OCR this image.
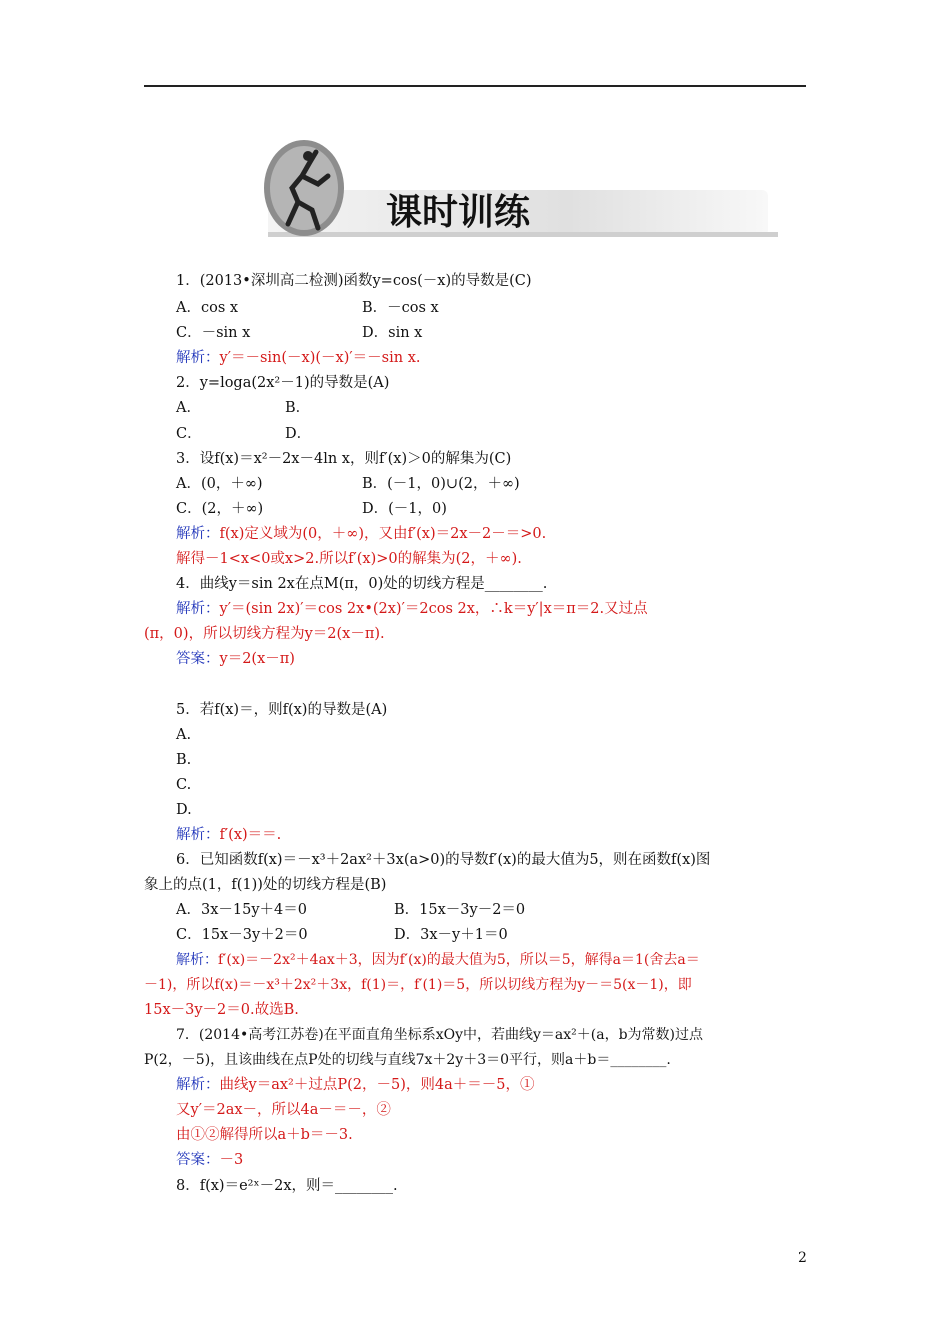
课时训练
1．(2013•深圳高二检测)函数y=cos(－x)的导数是(C)
A．cos x	B．－cos x
C．－sin x	D．sin x
解析：y′＝－sin(－x)(－x)′＝－sin x.
2．y=loga(2x²－1)的导数是(A)
A．	B．
C．	D．
3．设f(x)＝x²－2x－4ln x，则f′(x)＞0的解集为(C)
A．(0，＋∞)	B．(－1，0)∪(2，＋∞)
C．(2，＋∞)	D．(－1，0)
解析：f(x)定义域为(0，＋∞)，又由f′(x)＝2x－2－＝>0.
解得－1<x<0或x>2.所以f′(x)>0的解集为(2，＋∞).
4．曲线y＝sin 2x在点M(π，0)处的切线方程是________.
解析：y′＝(sin 2x)′＝cos 2x•(2x)′＝2cos 2x，∴k＝y′|x＝π＝2.又过点
(π，0)，所以切线方程为y＝2(x－π).
答案：y＝2(x－π)
5．若f(x)＝，则f(x)的导数是(A)
A.
B.
C.
D.
解析：f′(x)＝＝.
6．已知函数f(x)＝－x³＋2ax²＋3x(a>0)的导数f′(x)的最大值为5，则在函数f(x)图
象上的点(1，f(1))处的切线方程是(B)
A．3x－15y＋4＝0	B．15x－3y－2＝0
C．15x－3y＋2＝0	D．3x－y＋1＝0
解析：f′(x)＝－2x²＋4ax＋3，因为f′(x)的最大值为5，所以＝5，解得a＝1(舍去a＝
－1)，所以f(x)＝－x³＋2x²＋3x，f(1)＝，f′(1)＝5，所以切线方程为y－＝5(x－1)，即
15x－3y－2＝0.故选B.
7．(2014•高考江苏卷)在平面直角坐标系xOy中，若曲线y＝ax²＋(a，b为常数)过点
P(2，－5)，且该曲线在点P处的切线与直线7x＋2y＋3＝0平行，则a＋b＝________.
解析：曲线y＝ax²＋过点P(2，－5)，则4a＋＝－5，①
又y′＝2ax－，所以4a－＝－，②
由①②解得所以a＋b＝－3.
答案：－3
8．f(x)＝e²ˣ－2x，则＝________.
2
